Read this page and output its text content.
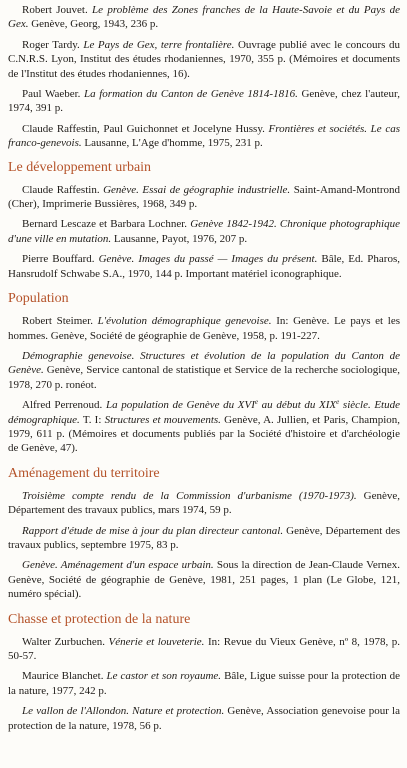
Robert Jouvet. Le problème des Zones franches de la Haute-Savoie et du Pays de Gex. Genève, Georg, 1943, 236 p.

Roger Tardy. Le Pays de Gex, terre frontalière. Ouvrage publié avec le concours du C.N.R.S. Lyon, Institut des études rhodaniennes, 1970, 355 p. (Mémoires et documents de l'Institut des études rhodaniennes, 16).

Paul Waeber. La formation du Canton de Genève 1814-1816. Genève, chez l'auteur, 1974, 391 p.

Claude Raffestin, Paul Guichonnet et Jocelyne Hussy. Frontières et sociétés. Le cas franco-genevois. Lausanne, L'Age d'homme, 1975, 231 p.

Le développement urbain

Claude Raffestin. Genève. Essai de géographie industrielle. Saint-Amand-Montrond (Cher), Imprimerie Bussières, 1968, 349 p.

Bernard Lescaze et Barbara Lochner. Genève 1842-1942. Chronique photographique d'une ville en mutation. Lausanne, Payot, 1976, 207 p.

Pierre Bouffard. Genève. Images du passé — Images du présent. Bâle, Ed. Pharos, Hansrudolf Schwabe S.A., 1970, 144 p. Important matériel iconographique.

Population

Robert Steimer. L'évolution démographique genevoise. In: Genève. Le pays et les hommes. Genève, Société de géographie de Genève, 1958, p. 191-227.

Démographie genevoise. Structures et évolution de la population du Canton de Genève. Genève, Service cantonal de statistique et Service de la recherche sociologique, 1978, 270 p. ronéot.

Alfred Perrenoud. La population de Genève du XVIe au début du XIXe siècle. Etude démographique. T. I: Structures et mouvements. Genève, A. Jullien, et Paris, Champion, 1979, 611 p. (Mémoires et documents publiés par la Société d'histoire et d'archéologie de Genève, 47).

Aménagement du territoire

Troisième compte rendu de la Commission d'urbanisme (1970-1973). Genève, Département des travaux publics, mars 1974, 59 p.

Rapport d'étude de mise à jour du plan directeur cantonal. Genève, Département des travaux publics, septembre 1975, 83 p.

Genève. Aménagement d'un espace urbain. Sous la direction de Jean-Claude Vernex. Genève, Société de géographie de Genève, 1981, 251 pages, 1 plan (Le Globe, 121, numéro spécial).

Chasse et protection de la nature

Walter Zurbuchen. Vénerie et louveterie. In: Revue du Vieux Genève, nº 8, 1978, p. 50-57.

Maurice Blanchet. Le castor et son royaume. Bâle, Ligue suisse pour la protection de la nature, 1977, 242 p.

Le vallon de l'Allondon. Nature et protection. Genève, Association genevoise pour la protection de la nature, 1978, 56 p.
